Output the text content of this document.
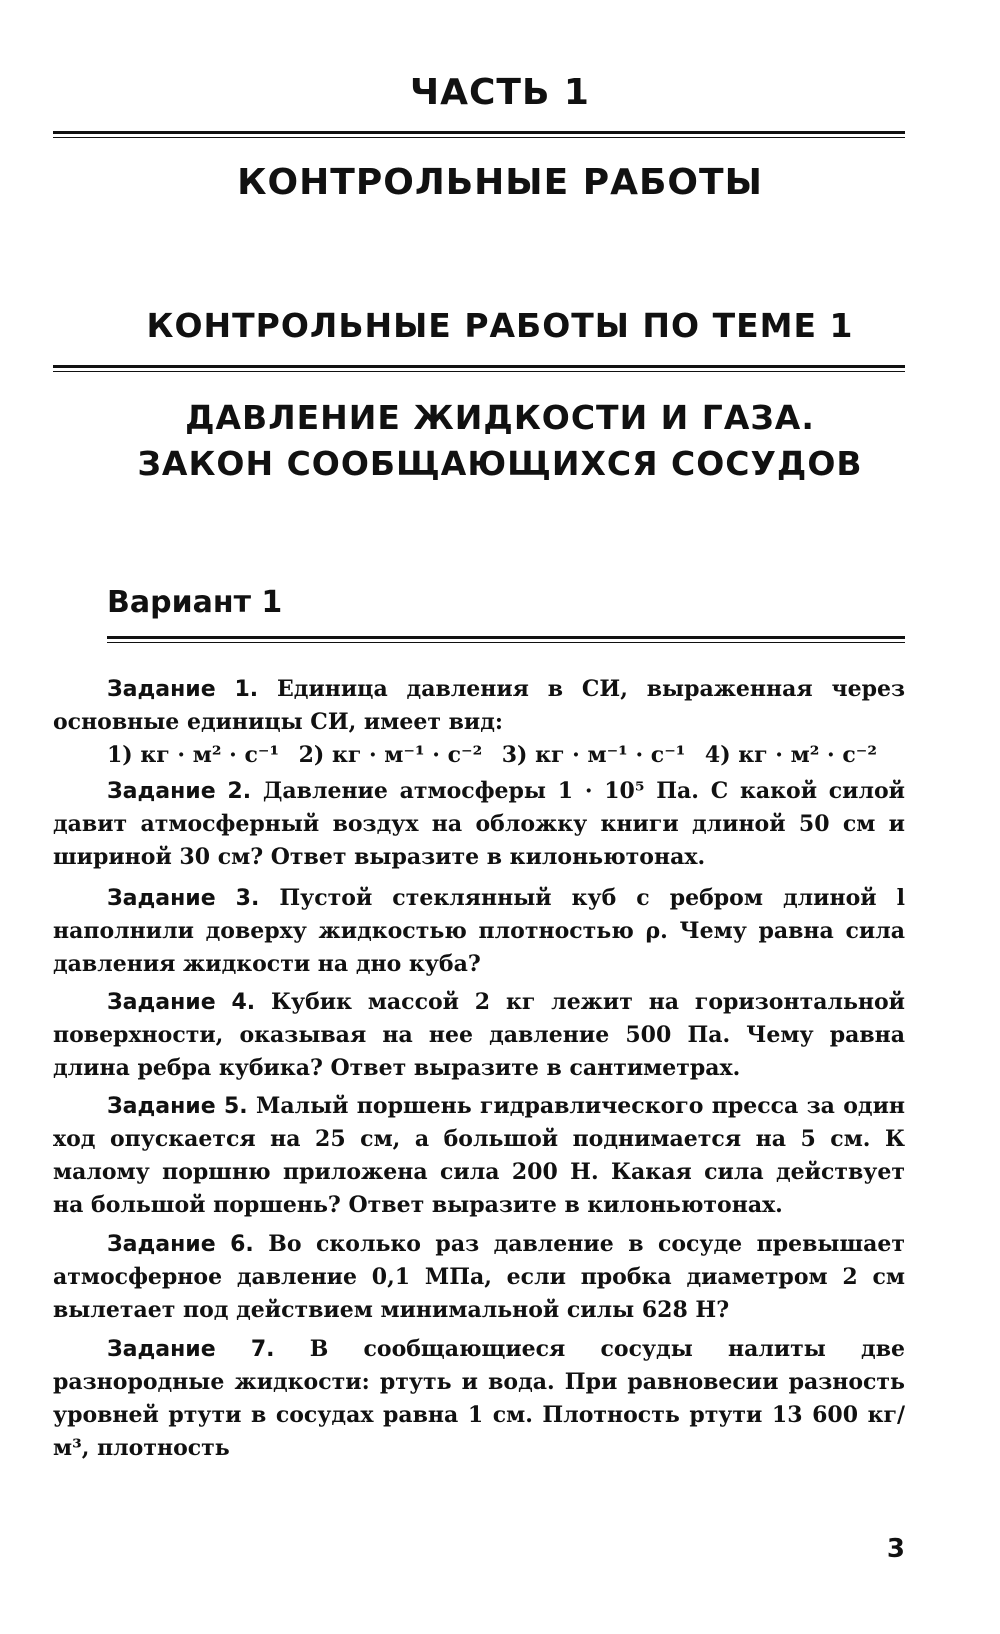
ЧАСТЬ 1
КОНТРОЛЬНЫЕ РАБОТЫ
КОНТРОЛЬНЫЕ РАБОТЫ ПО ТЕМЕ 1
ДАВЛЕНИЕ ЖИДКОСТИ И ГАЗА.
ЗАКОН СООБЩАЮЩИХСЯ СОСУДОВ
Вариант 1

Задание 1. Единица давления в СИ, выраженная через основные единицы СИ, имеет вид:

1) кг · м² · с⁻¹ 2) кг · м⁻¹ · с⁻² 3) кг · м⁻¹ · с⁻¹ 4) кг · м² · с⁻²

Задание 2. Давление атмосферы 1 · 10⁵ Па. С какой силой давит атмосферный воздух на обложку книги длиной 50 см и шириной 30 см? Ответ выразите в килоньютонах.

Задание 3. Пустой стеклянный куб с ребром длиной l наполнили доверху жидкостью плотностью ρ. Чему равна сила давления жидкости на дно куба?

Задание 4. Кубик массой 2 кг лежит на горизонтальной поверхности, оказывая на нее давление 500 Па. Чему равна длина ребра кубика? Ответ выразите в сантиметрах.

Задание 5. Малый поршень гидравлического пресса за один ход опускается на 25 см, а большой поднимается на 5 см. К малому поршню приложена сила 200 Н. Какая сила действует на большой поршень? Ответ выразите в килоньютонах.

Задание 6. Во сколько раз давление в сосуде превышает атмосферное давление 0,1 МПа, если пробка диаметром 2 см вылетает под действием минимальной силы 628 Н?

Задание 7. В сообщающиеся сосуды налиты две разнородные жидкости: ртуть и вода. При равновесии разность уровней ртути в сосудах равна 1 см. Плотность ртути 13 600 кг/м³, плотность

3
